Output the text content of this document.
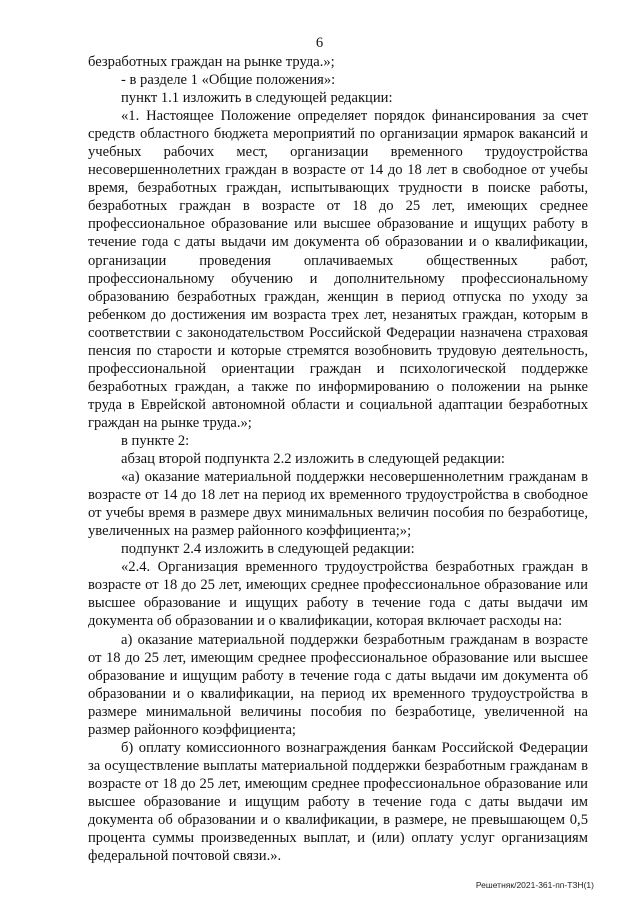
6

безработных граждан на рынке труда.»;

- в разделе 1 «Общие положения»:

пункт 1.1 изложить в следующей редакции:

«1. Настоящее Положение определяет порядок финансирования за счет средств областного бюджета мероприятий по организации ярмарок вакансий и учебных рабочих мест, организации временного трудоустройства несовершеннолетних граждан в возрасте от 14 до 18 лет в свободное от учебы время, безработных граждан, испытывающих трудности в поиске работы, безработных граждан в возрасте от 18 до 25 лет, имеющих среднее профессиональное образование или высшее образование и ищущих работу в течение года с даты выдачи им документа об образовании и о квалификации, организации проведения оплачиваемых общественных работ, профессиональному обучению и дополнительному профессиональному образованию безработных граждан, женщин в период отпуска по уходу за ребенком до достижения им возраста трех лет, незанятых граждан, которым в соответствии с законодательством Российской Федерации назначена страховая пенсия по старости и которые стремятся возобновить трудовую деятельность, профессиональной ориентации граждан и психологической поддержке безработных граждан, а также по информированию о положении на рынке труда в Еврейской автономной области и социальной адаптации безработных граждан на рынке труда.»;

в пункте 2:

абзац второй подпункта 2.2 изложить в следующей редакции:

«а) оказание материальной поддержки несовершеннолетним гражданам в возрасте от 14 до 18 лет на период их временного трудоустройства в свободное от учебы время в размере двух минимальных величин пособия по безработице, увеличенных на размер районного коэффициента;»;

подпункт 2.4 изложить в следующей редакции:

«2.4. Организация временного трудоустройства безработных граждан в возрасте от 18 до 25 лет, имеющих среднее профессиональное образование или высшее образование и ищущих работу в течение года с даты выдачи им документа об образовании и о квалификации, которая включает расходы на:

а) оказание материальной поддержки безработным гражданам в возрасте от 18 до 25 лет, имеющим среднее профессиональное образование или высшее образование и ищущим работу в течение года с даты выдачи им документа об образовании и о квалификации, на период их временного трудоустройства в размере минимальной величины пособия по безработице, увеличенной на размер районного коэффициента;

б) оплату комиссионного вознаграждения банкам Российской Федерации за осуществление выплаты материальной поддержки безработным гражданам в возрасте от 18 до 25 лет, имеющим среднее профессиональное образование или высшее образование и ищущим работу в течение года с даты выдачи им документа об образовании и о квалификации, в размере, не превышающем 0,5 процента суммы произведенных выплат, и (или) оплату услуг организациям федеральной почтовой связи.».

Решетняк/2021-361-пп-ТЗН(1)
